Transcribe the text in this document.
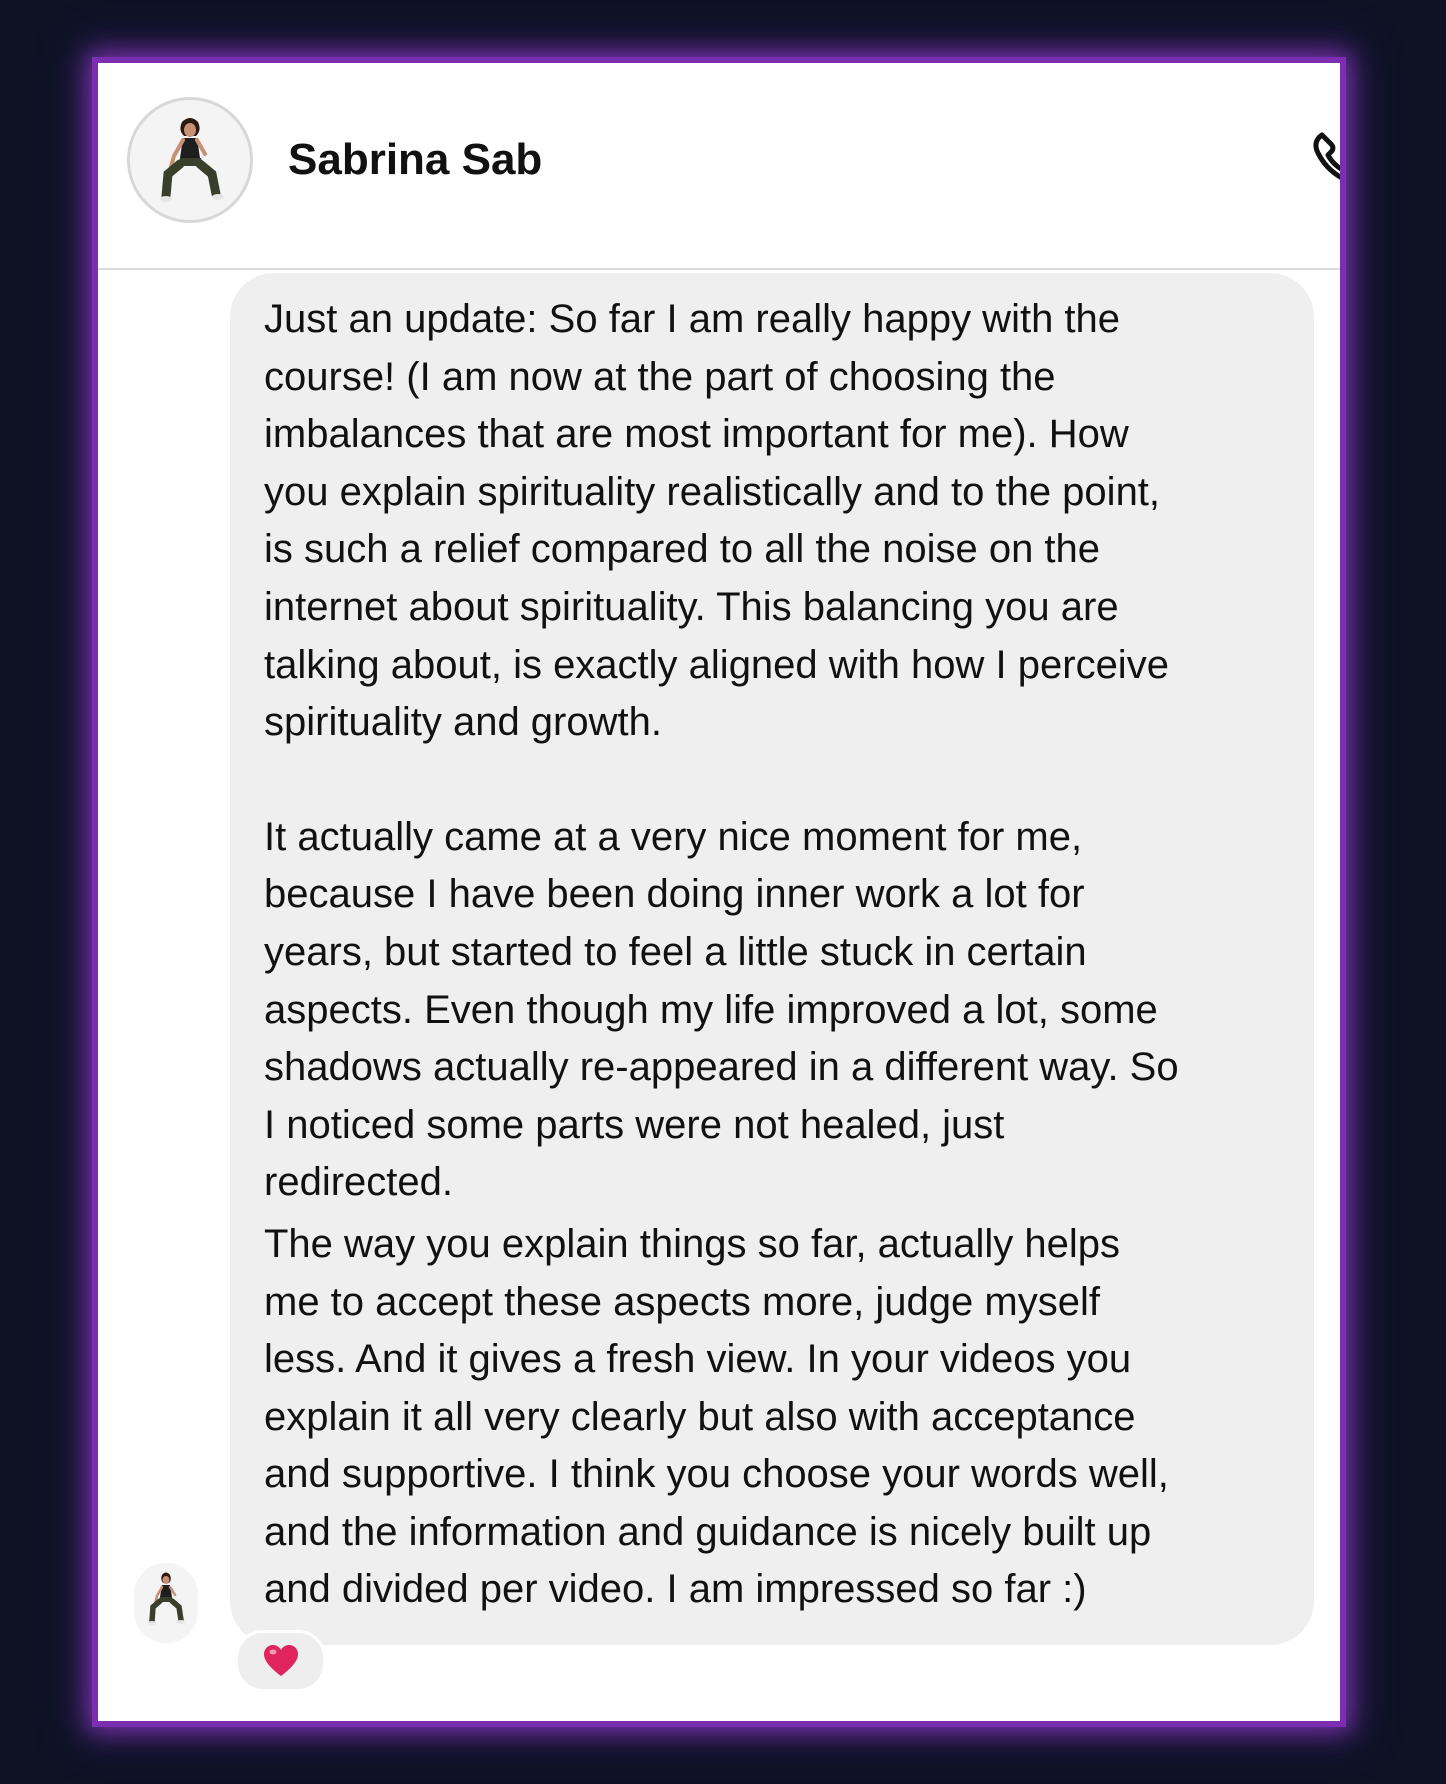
Sabrina Sab

Just an update: So far I am really happy with the
course! (I am now at the part of choosing the
imbalances that are most important for me). How
you explain spirituality realistically and to the point,
is such a relief compared to all the noise on the
internet about spirituality. This balancing you are
talking about, is exactly aligned with how I perceive
spirituality and growth.

It actually came at a very nice moment for me,
because I have been doing inner work a lot for
years, but started to feel a little stuck in certain
aspects. Even though my life improved a lot, some
shadows actually re-appeared in a different way. So
I noticed some parts were not healed, just
redirected.

The way you explain things so far, actually helps
me to accept these aspects more, judge myself
less. And it gives a fresh view. In your videos you
explain it all very clearly but also with acceptance
and supportive. I think you choose your words well,
and the information and guidance is nicely built up
and divided per video. I am impressed so far :)
